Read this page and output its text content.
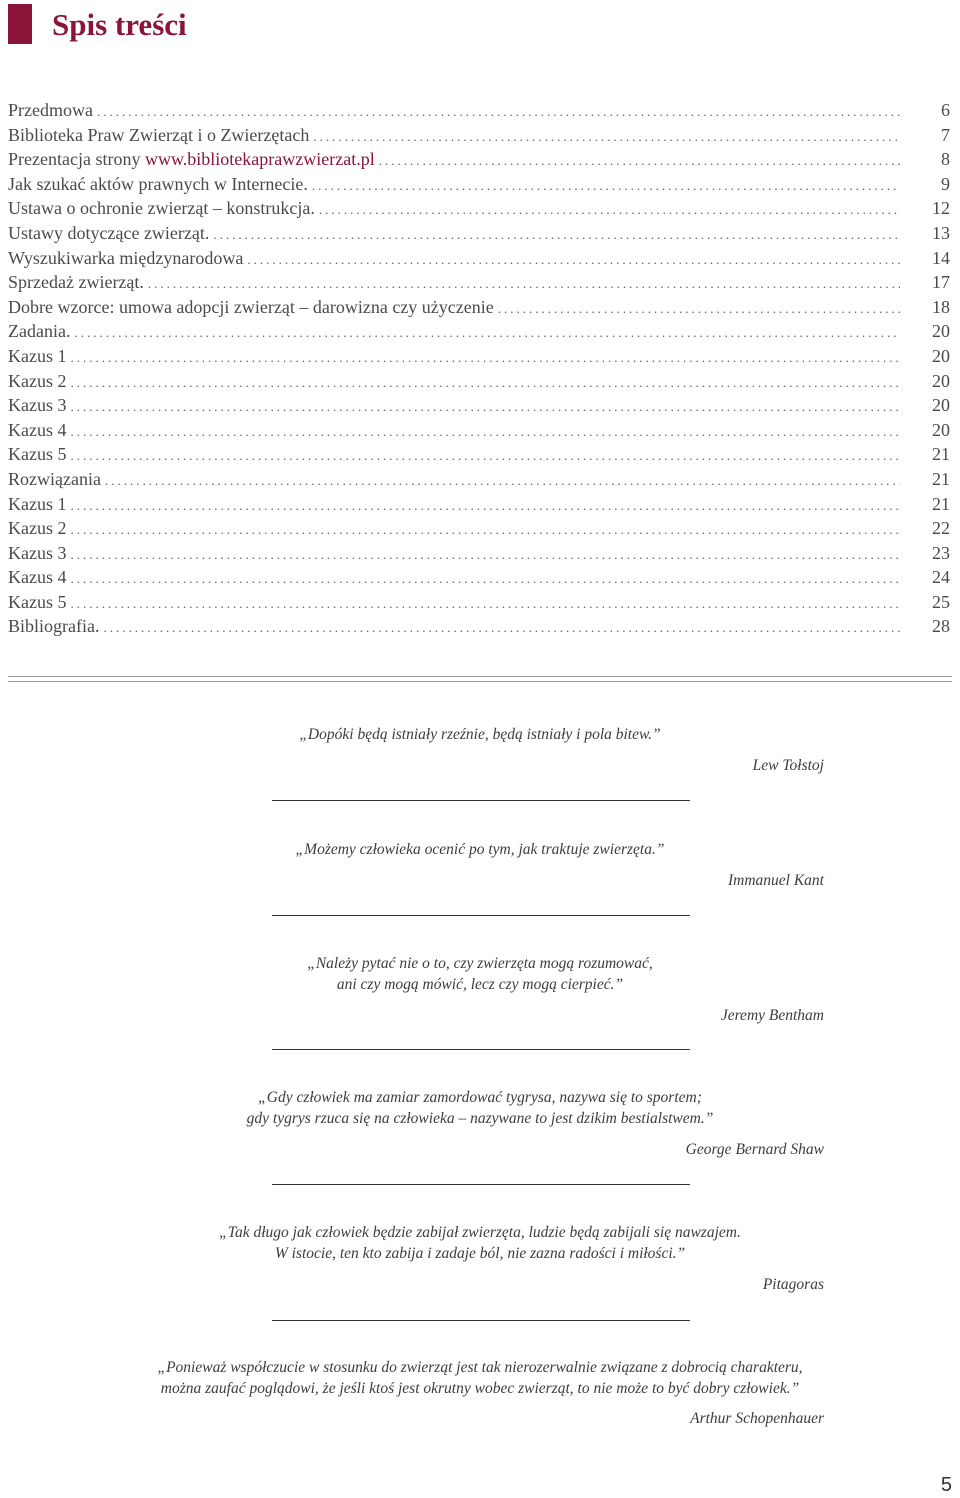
Spis treści
Przedmowa .....	6
Biblioteka Praw Zwierząt i o Zwierzętach .....	7
Prezentacja strony www.bibliotekaprawzwierzat.pl .....	8
Jak szukać aktów prawnych w Internecie. .....	9
Ustawa o ochronie zwierząt – konstrukcja. .....	12
Ustawy dotyczące zwierząt. .....	13
Wyszukiwarka międzynarodowa .....	14
Sprzedaż zwierząt. .....	17
Dobre wzorce: umowa adopcji zwierząt – darowizna czy użyczenie .....	18
Zadania. .....	20
Kazus 1 .....	20
Kazus 2 .....	20
Kazus 3 .....	20
Kazus 4 .....	20
Kazus 5 .....	21
Rozwiązania .....	21
Kazus 1 .....	21
Kazus 2 .....	22
Kazus 3 .....	23
Kazus 4 .....	24
Kazus 5 .....	25
Bibliografia. .....	28

„Dopóki będą istniały rzeźnie, będą istniały i pola bitew.”

Lew Tołstoj

„Możemy człowieka ocenić po tym, jak traktuje zwierzęta.”

Immanuel Kant

„Należy pytać nie o to, czy zwierzęta mogą rozumować,

ani czy mogą mówić, lecz czy mogą cierpieć.”

Jeremy Bentham

„Gdy człowiek ma zamiar zamordować tygrysa, nazywa się to sportem;

gdy tygrys rzuca się na człowieka – nazywane to jest dzikim bestialstwem.”

George Bernard Shaw

„Tak długo jak człowiek będzie zabijał zwierzęta, ludzie będą zabijali się nawzajem.

W istocie, ten kto zabija i zadaje ból, nie zazna radości i miłości.”

Pitagoras

„Ponieważ współczucie w stosunku do zwierząt jest tak nierozerwalnie związane z dobrocią charakteru,

można zaufać poglądowi, że jeśli ktoś jest okrutny wobec zwierząt, to nie może to być dobry człowiek.”

Arthur Schopenhauer

5
